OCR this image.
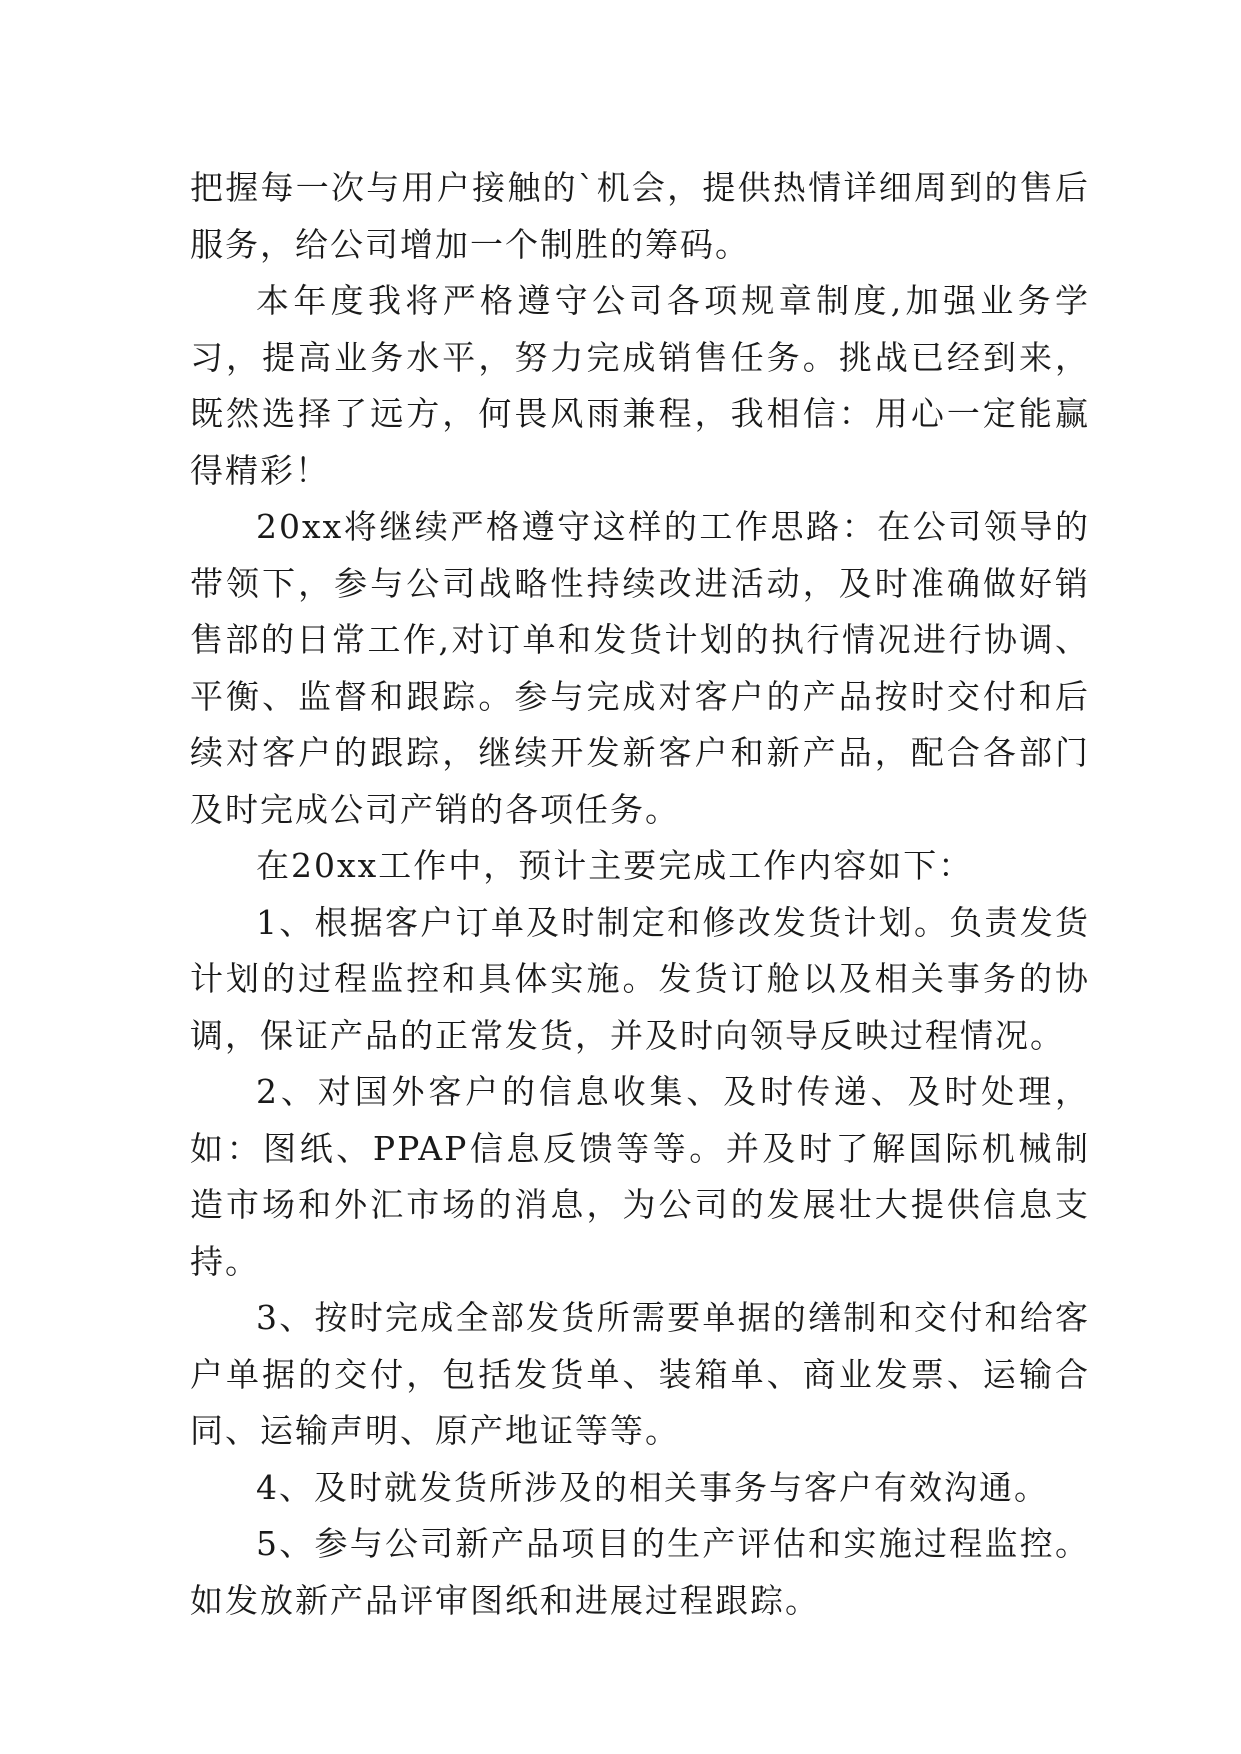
把握每一次与用户接触的`机会，提供热情详细周到的售后服务，给公司增加一个制胜的筹码。

本年度我将严格遵守公司各项规章制度,加强业务学习，提高业务水平，努力完成销售任务。挑战已经到来，既然选择了远方，何畏风雨兼程，我相信：用心一定能赢得精彩！

20xx将继续严格遵守这样的工作思路：在公司领导的带领下，参与公司战略性持续改进活动，及时准确做好销售部的日常工作,对订单和发货计划的执行情况进行协调、平衡、监督和跟踪。参与完成对客户的产品按时交付和后续对客户的跟踪，继续开发新客户和新产品，配合各部门及时完成公司产销的各项任务。

在20xx工作中，预计主要完成工作内容如下：

1、根据客户订单及时制定和修改发货计划。负责发货计划的过程监控和具体实施。发货订舱以及相关事务的协调，保证产品的正常发货，并及时向领导反映过程情况。

2、对国外客户的信息收集、及时传递、及时处理，如：图纸、PPAP信息反馈等等。并及时了解国际机械制造市场和外汇市场的消息，为公司的发展壮大提供信息支持。

3、按时完成全部发货所需要单据的缮制和交付和给客户单据的交付，包括发货单、装箱单、商业发票、运输合同、运输声明、原产地证等等。

4、及时就发货所涉及的相关事务与客户有效沟通。

5、参与公司新产品项目的生产评估和实施过程监控。如发放新产品评审图纸和进展过程跟踪。
